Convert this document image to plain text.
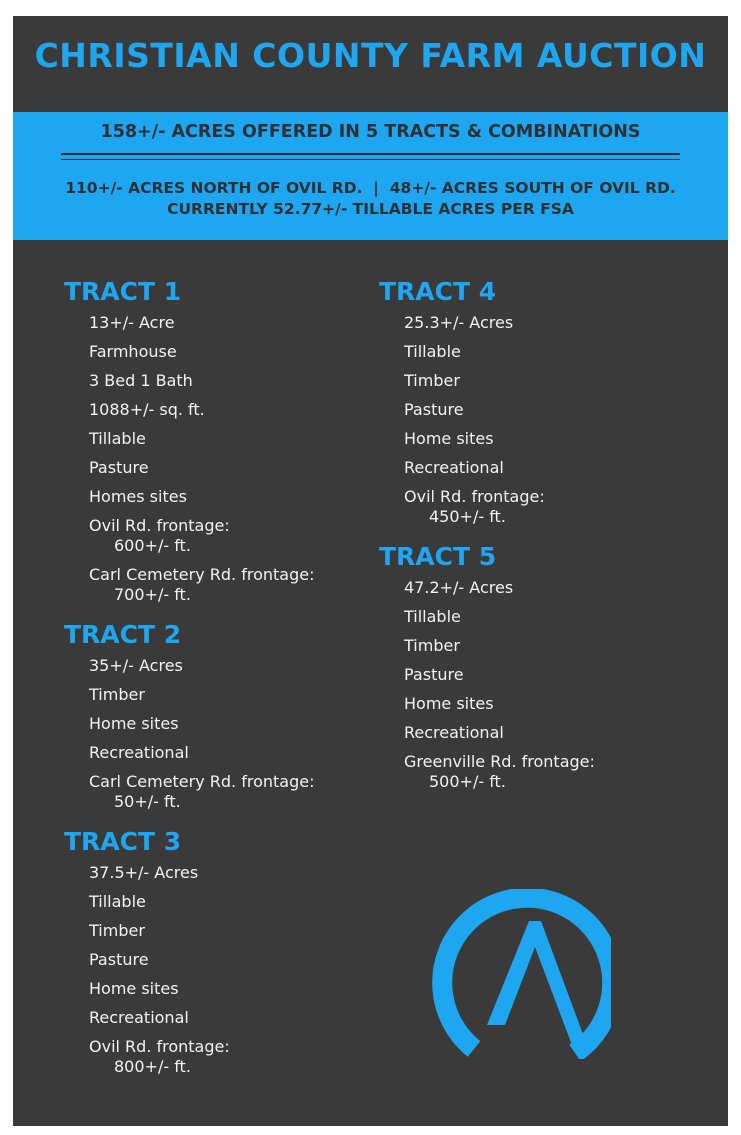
CHRISTIAN COUNTY FARM AUCTION
158+/- ACRES OFFERED IN 5 TRACTS & COMBINATIONS
110+/- ACRES NORTH OF OVIL RD.  |  48+/- ACRES SOUTH OF OVIL RD.
CURRENTLY 52.77+/- TILLABLE ACRES PER FSA
TRACT 1
13+/- Acre
Farmhouse
3 Bed 1 Bath
1088+/- sq. ft.
Tillable
Pasture
Homes sites
Ovil Rd. frontage:
600+/- ft.
Carl Cemetery Rd. frontage:
700+/- ft.
TRACT 2
35+/- Acres
Timber
Home sites
Recreational
Carl Cemetery Rd. frontage:
50+/- ft.
TRACT 3
37.5+/- Acres
Tillable
Timber
Pasture
Home sites
Recreational
Ovil Rd. frontage:
800+/- ft.
TRACT 4
25.3+/- Acres
Tillable
Timber
Pasture
Home sites
Recreational
Ovil Rd. frontage:
450+/- ft.
TRACT 5
47.2+/- Acres
Tillable
Timber
Pasture
Home sites
Recreational
Greenville Rd. frontage:
500+/- ft.
